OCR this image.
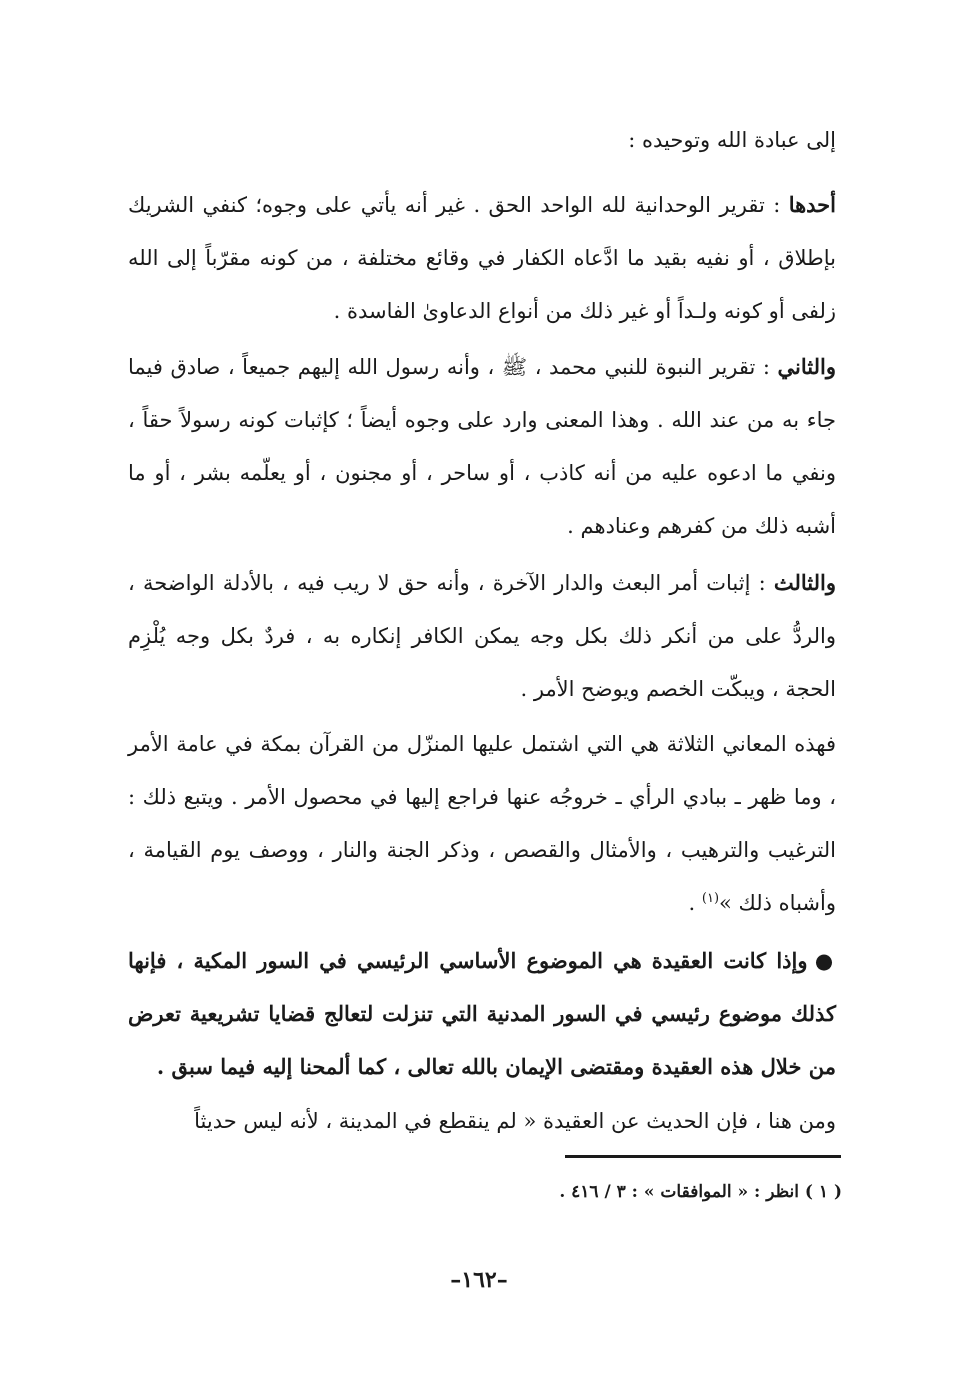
إلى عبادة الله وتوحيده :
أحدها : تقرير الوحدانية لله الواحد الحق . غير أنه يأتي على وجوه؛ كنفي الشريك بإطلاق ، أو نفيه بقيد ما ادَّعاه الكفار في وقائع مختلفة ، من كونه مقرّباً إلى الله زلفى أو كونه ولـداً أو غير ذلك من أنواع الدعاوىٰ الفاسدة .
والثاني : تقرير النبوة للنبي محمد ، ﷺ ، وأنه رسول الله إليهم جميعاً ، صادق فيما جاء به من عند الله . وهذا المعنى وارد على وجوه أيضاً ؛ كإثبات كونه رسولاً حقاً ، ونفي ما ادعوه عليه من أنه كاذب ، أو ساحر ، أو مجنون ، أو يعلّمه بشر ، أو ما أشبه ذلك من كفرهم وعنادهم .
والثالث : إثبات أمر البعث والدار الآخرة ، وأنه حق لا ريب فيه ، بالأدلة الواضحة ، والردُّ على من أنكر ذلك بكل وجه يمكن الكافر إنكاره به ، فردٌ بكل وجه يُلْزِم الحجة ، ويبكّت الخصم ويوضح الأمر .
فهذه المعاني الثلاثة هي التي اشتمل عليها المنزّل من القرآن بمكة في عامة الأمر ، وما ظهر ـ ببادي الرأي ـ خروجُه عنها فراجع إليها في محصول الأمر . ويتبع ذلك : الترغيب والترهيب ، والأمثال والقصص ، وذكر الجنة والنار ، ووصف يوم القيامة ، وأشباه ذلك »$^{(١)}$ .
● وإذا كانت العقيدة هي الموضوع الأساسي الرئيسي في السور المكية ، فإنها كذلك موضوع رئيسي في السور المدنية التي تنزلت لتعالج قضايا تشريعية تعرض من خلال هذه العقيدة ومقتضى الإيمان بالله تعالى ، كما ألمحنا إليه فيما سبق .
ومن هنا ، فإن الحديث عن العقيدة « لم ينقطع في المدينة ، لأنه ليس حديثاً
( ١ ) انظر : « الموافقات » : ٣ / ٤١٦ .
–١٦٢–
